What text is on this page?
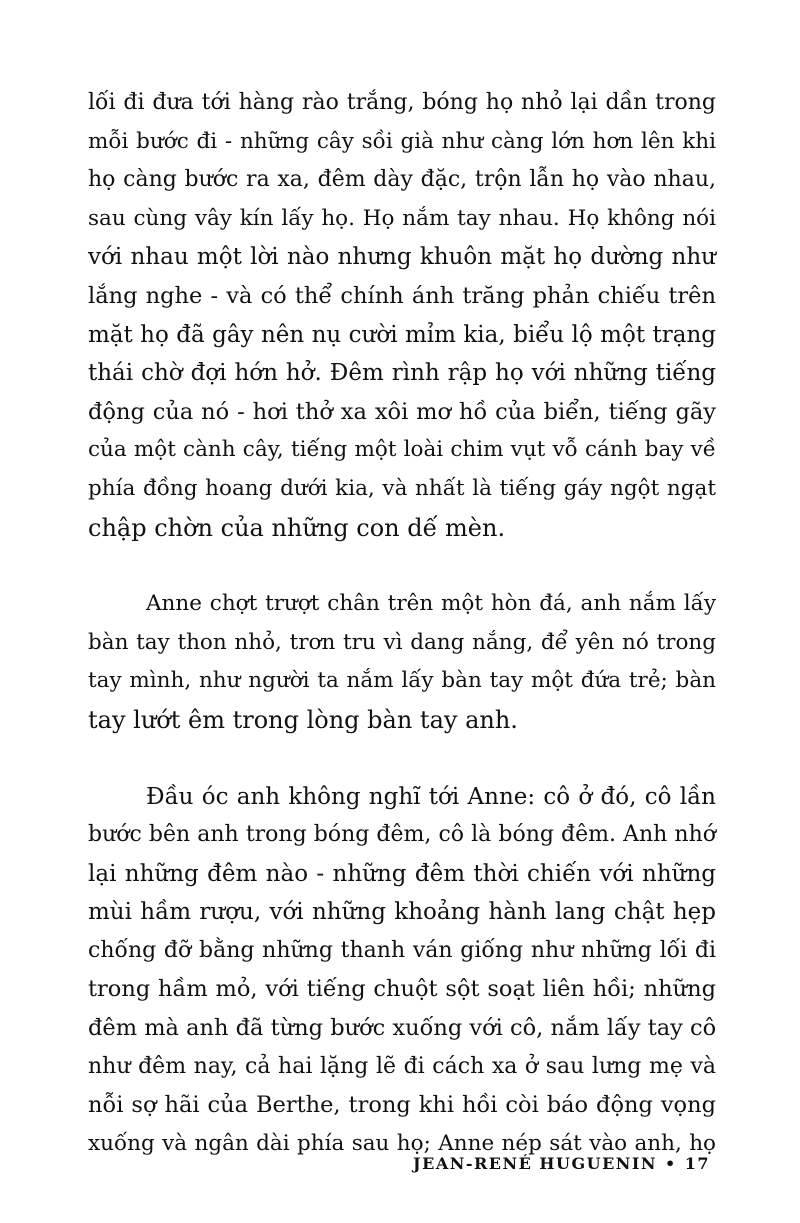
lối đi đưa tới hàng rào trắng, bóng họ nhỏ lại dần trong
mỗi bước đi - những cây sồi già như càng lớn hơn lên khi
họ càng bước ra xa, đêm dày đặc, trộn lẫn họ vào nhau,
sau cùng vây kín lấy họ. Họ nắm tay nhau. Họ không nói
với nhau một lời nào nhưng khuôn mặt họ dường như
lắng nghe - và có thể chính ánh trăng phản chiếu trên
mặt họ đã gây nên nụ cười mỉm kia, biểu lộ một trạng
thái chờ đợi hớn hở. Đêm rình rập họ với những tiếng
động của nó - hơi thở xa xôi mơ hồ của biển, tiếng gãy
của một cành cây, tiếng một loài chim vụt vỗ cánh bay về
phía đồng hoang dưới kia, và nhất là tiếng gáy ngột ngạt
chập chờn của những con dế mèn.

Anne chợt trượt chân trên một hòn đá, anh nắm lấy
bàn tay thon nhỏ, trơn tru vì dang nắng, để yên nó trong
tay mình, như người ta nắm lấy bàn tay một đứa trẻ; bàn
tay lướt êm trong lòng bàn tay anh.

Đầu óc anh không nghĩ tới Anne: cô ở đó, cô lần
bước bên anh trong bóng đêm, cô là bóng đêm. Anh nhớ
lại những đêm nào - những đêm thời chiến với những
mùi hầm rượu, với những khoảng hành lang chật hẹp
chống đỡ bằng những thanh ván giống như những lối đi
trong hầm mỏ, với tiếng chuột sột soạt liên hồi; những
đêm mà anh đã từng bước xuống với cô, nắm lấy tay cô
như đêm nay, cả hai lặng lẽ đi cách xa ở sau lưng mẹ và
nỗi sợ hãi của Berthe, trong khi hồi còi báo động vọng
xuống và ngân dài phía sau họ; Anne nép sát vào anh, họ

JEAN-RENÉ HUGUENIN • 17
